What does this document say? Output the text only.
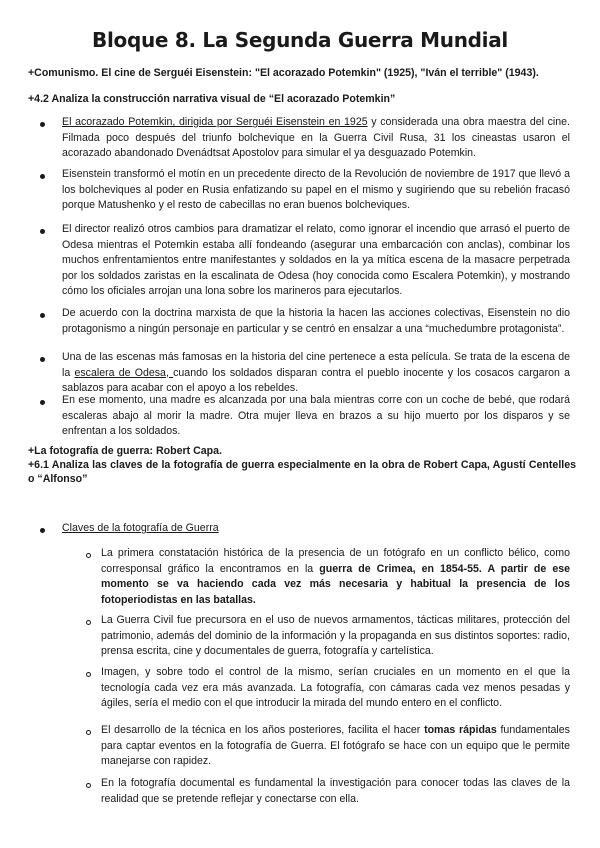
Bloque 8. La Segunda Guerra Mundial
+Comunismo. El cine de Serguéi Eisenstein: "El acorazado Potemkin" (1925), "Iván el terrible" (1943).
+4.2 Analiza la construcción narrativa visual de “El acorazado Potemkin”
El acorazado Potemkin, dirigida por Serguéi Eisenstein en 1925 y considerada una obra maestra del cine. Filmada poco después del triunfo bolchevique en la Guerra Civil Rusa, 31 los cineastas usaron el acorazado abandonado Dvenádtsat Apostolov para simular el ya desguazado Potemkin.
Eisenstein transformó el motín en un precedente directo de la Revolución de noviembre de 1917 que llevó a los bolcheviques al poder en Rusia enfatizando su papel en el mismo y sugiriendo que su rebelión fracasó porque Matushenko y el resto de cabecillas no eran buenos bolcheviques.
El director realizó otros cambios para dramatizar el relato, como ignorar el incendio que arrasó el puerto de Odesa mientras el Potemkin estaba allí fondeando (asegurar una embarcación con anclas), combinar los muchos enfrentamientos entre manifestantes y soldados en la ya mítica escena de la masacre perpetrada por los soldados zaristas en la escalinata de Odesa (hoy conocida como Escalera Potemkin), y mostrando cómo los oficiales arrojan una lona sobre los marineros para ejecutarlos.
De acuerdo con la doctrina marxista de que la historia la hacen las acciones colectivas, Eisenstein no dio protagonismo a ningún personaje en particular y se centró en ensalzar a una “muchedumbre protagonista”.
Una de las escenas más famosas en la historia del cine pertenece a esta película. Se trata de la escena de la escalera de Odesa, cuando los soldados disparan contra el pueblo inocente y los cosacos cargaron a sablazos para acabar con el apoyo a los rebeldes.
En ese momento, una madre es alcanzada por una bala mientras corre con un coche de bebé, que rodará escaleras abajo al morir la madre. Otra mujer lleva en brazos a su hijo muerto por los disparos y se enfrentan a los soldados.
+La fotografía de guerra: Robert Capa.
+6.1 Analiza las claves de la fotografía de guerra especialmente en la obra de Robert Capa, Agustí Centelles o “Alfonso”
Claves de la fotografía de Guerra
La primera constatación histórica de la presencia de un fotógrafo en un conflicto bélico, como corresponsal gráfico la encontramos en la guerra de Crimea, en 1854-55. A partir de ese momento se va haciendo cada vez más necesaria y habitual la presencia de los fotoperiodistas en las batallas.
La Guerra Civil fue precursora en el uso de nuevos armamentos, tácticas militares, protección del patrimonio, además del dominio de la información y la propaganda en sus distintos soportes: radio, prensa escrita, cine y documentales de guerra, fotografía y cartelística.
Imagen, y sobre todo el control de la mismo, serían cruciales en un momento en el que la tecnología cada vez era más avanzada. La fotografía, con cámaras cada vez menos pesadas y ágiles, sería el medio con el que introducir la mirada del mundo entero en el conflicto.
El desarrollo de la técnica en los años posteriores, facilita el hacer tomas rápidas fundamentales para captar eventos en la fotografía de Guerra. El fotógrafo se hace con un equipo que le permite manejarse con rapidez.
En la fotografía documental es fundamental la investigación para conocer todas las claves de la realidad que se pretende reflejar y conectarse con ella.
